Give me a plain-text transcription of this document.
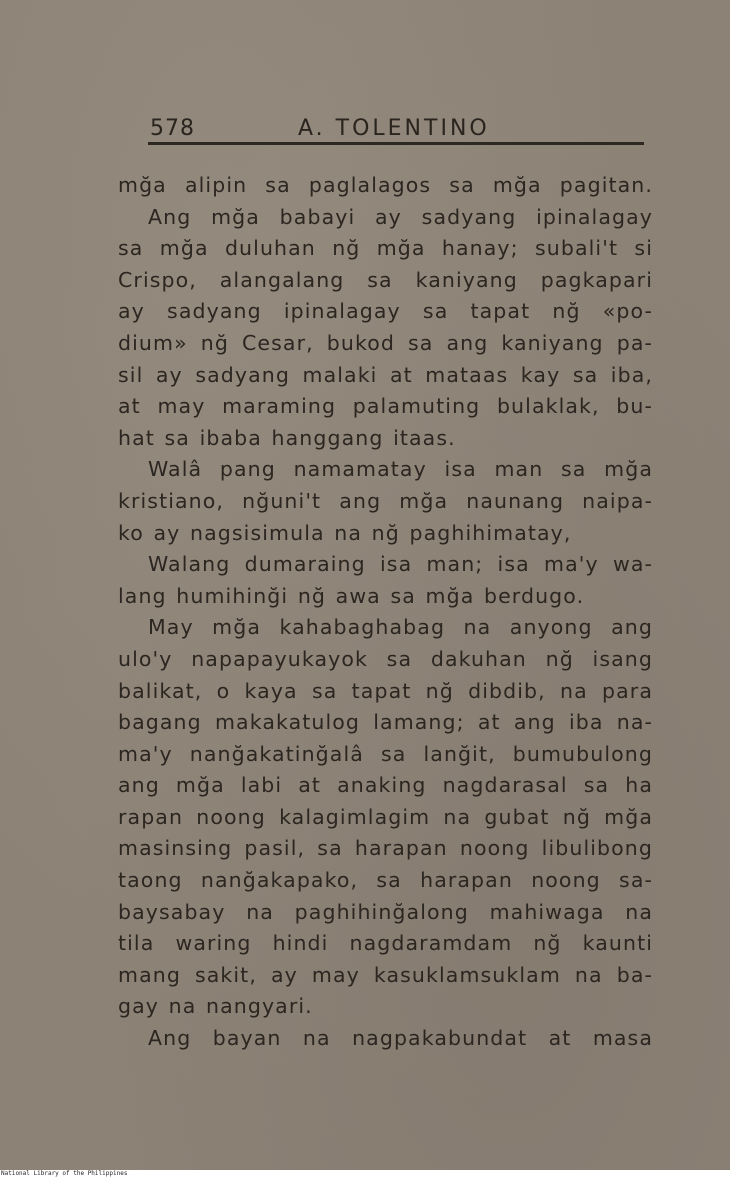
578	A. TOLENTINO
mğa alipin sa paglalagos sa mğa pagitan.
Ang mğa babayi ay sadyang ipinalagay
sa mğa duluhan nğ mğa hanay; subali't si
Crispo, alangalang sa kaniyang pagkapari
ay sadyang ipinalagay sa tapat nğ «po-
dium» nğ Cesar, bukod sa ang kaniyang pa-
sil ay sadyang malaki at mataas kay sa iba,
at may maraming palamuting bulaklak, bu-
hat sa ibaba hanggang itaas.
Walâ pang namamatay isa man sa mğa
kristiano, nğuni't ang mğa naunang naipa-
ko ay nagsisimula na nğ paghihimatay,
Walang dumaraing isa man; isa ma'y wa-
lang humihinği nğ awa sa mğa berdugo.
May mğa kahabaghabag na anyong ang
ulo'y napapayukayok sa dakuhan nğ isang
balikat, o kaya sa tapat nğ dibdib, na para
bagang makakatulog lamang; at ang iba na-
ma'y nanğakatinğalâ sa lanğit, bumubulong
ang mğa labi at anaking nagdarasal sa ha
rapan noong kalagimlagim na gubat nğ mğa
masinsing pasil, sa harapan noong libulibong
taong nanğakapako, sa harapan noong sa-
baysabay na paghihinğalong mahiwaga na
tila waring hindi nagdaramdam nğ kaunti
mang sakit, ay may kasuklamsuklam na ba-
gay na nangyari.
Ang bayan na nagpakabundat at masa
National Library of the Philippines
